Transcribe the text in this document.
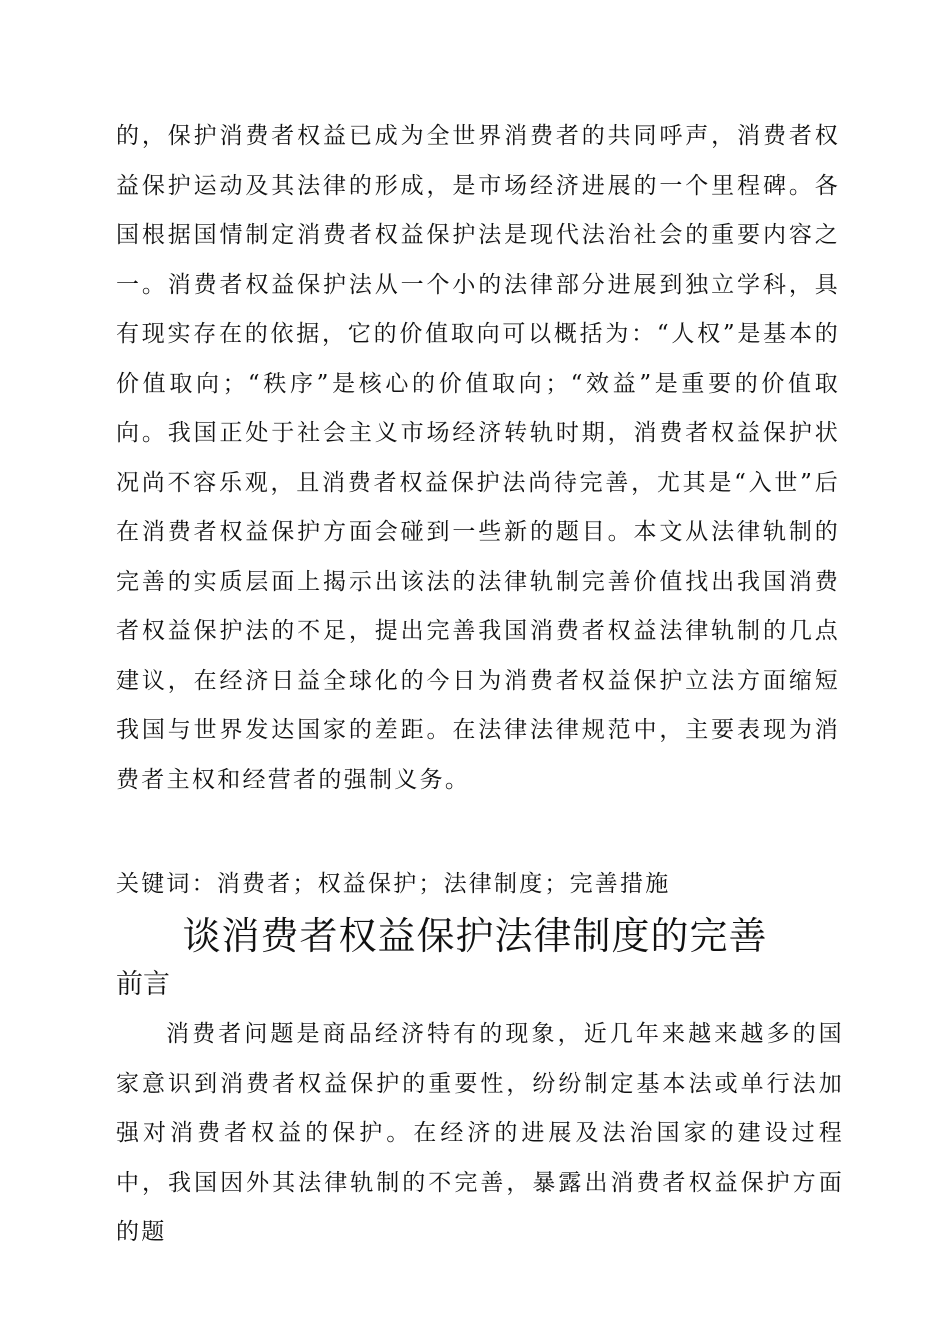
的，保护消费者权益已成为全世界消费者的共同呼声，消费者权益保护运动及其法律的形成，是市场经济进展的一个里程碑。各国根据国情制定消费者权益保护法是现代法治社会的重要内容之一。消费者权益保护法从一个小的法律部分进展到独立学科，具有现实存在的依据，它的价值取向可以概括为：“人权”是基本的价值取向；“秩序”是核心的价值取向；“效益”是重要的价值取向。我国正处于社会主义市场经济转轨时期，消费者权益保护状况尚不容乐观，且消费者权益保护法尚待完善，尤其是“入世”后在消费者权益保护方面会碰到一些新的题目。本文从法律轨制的完善的实质层面上揭示出该法的法律轨制完善价值找出我国消费者权益保护法的不足，提出完善我国消费者权益法律轨制的几点建议，在经济日益全球化的今日为消费者权益保护立法方面缩短我国与世界发达国家的差距。在法律法律规范中，主要表现为消费者主权和经营者的强制义务。

关键词：消费者；权益保护；法律制度；完善措施

谈消费者权益保护法律制度的完善
前言

消费者问题是商品经济特有的现象，近几年来越来越多的国家意识到消费者权益保护的重要性，纷纷制定基本法或单行法加强对消费者权益的保护。在经济的进展及法治国家的建设过程中，我国因外其法律轨制的不完善，暴露出消费者权益保护方面的题
